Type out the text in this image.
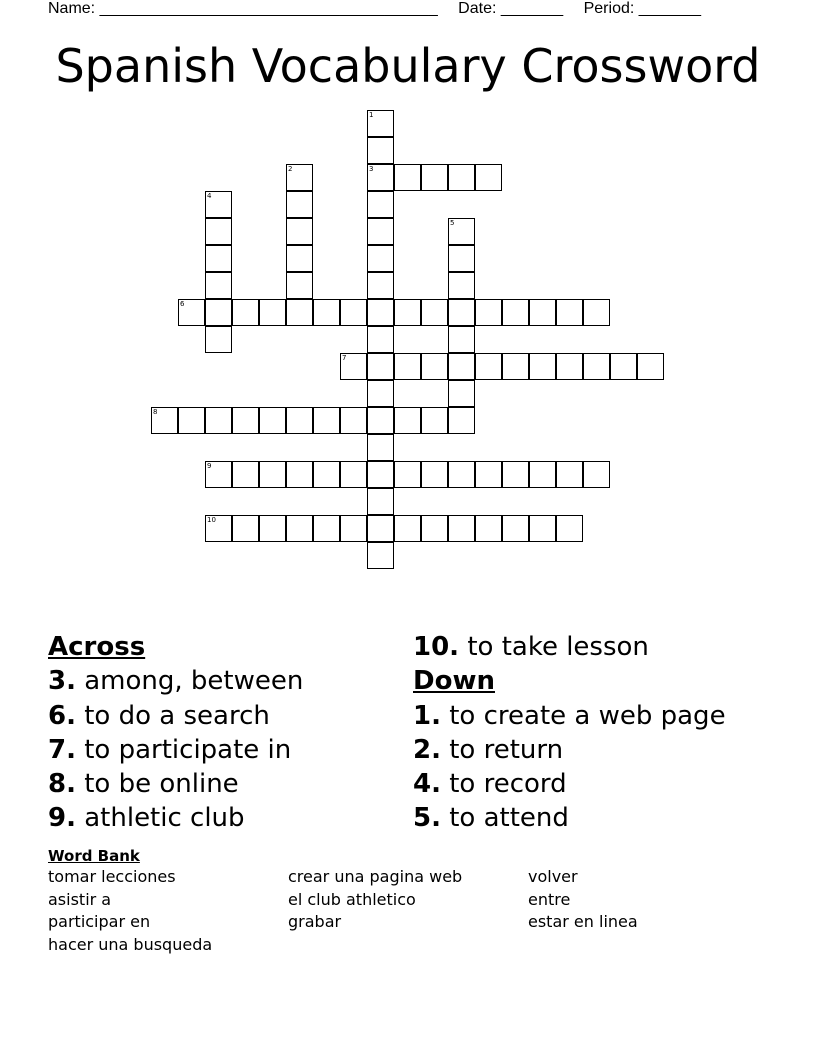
Name: ______________________________________ Date: _______ Period: _______
Spanish Vocabulary Crossword
1
3
2
4
5
6
7
8
9
10
Across
3. among, between
6. to do a search
7. to participate in
8. to be online
9. athletic club
10. to take lesson
Down
1. to create a web page
2. to return
4. to record
5. to attend
Word Bank
tomar lecciones
asistir a
participar en
hacer una busqueda
crear una pagina web
el club athletico
grabar
volver
entre
estar en linea
